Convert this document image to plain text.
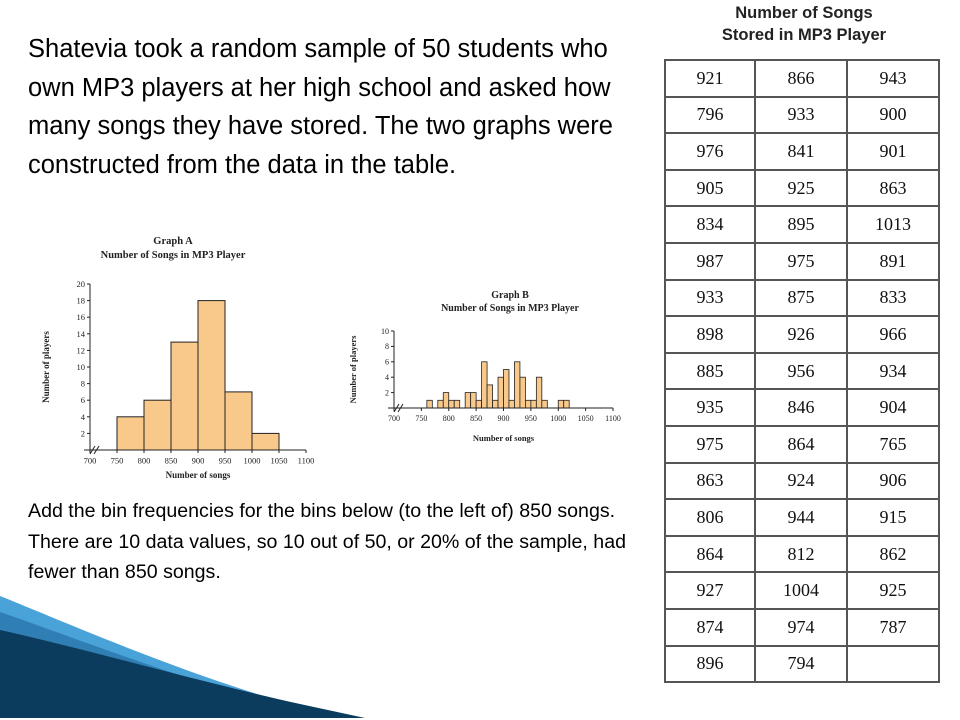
Shatevia took a random sample of 50 students who own MP3 players at her high school and asked how many songs they have stored. The two graphs were constructed from the data in the table.

Graph A
Number of Songs in MP3 Player
2
4
6
8
10
12
14
16
18
20
700 750 800 850 900 950 1000 1050 1100
Number of songs
Number of players
Graph B
Number of Songs in MP3 Player
2
4
6
8
10
700 750 800 850 900 950 1000 1050 1100
Number of songs
Number of players

Add the bin frequencies for the bins below (to the left of) 850 songs. There are 10 data values, so 10 out of 50, or 20% of the sample, had fewer than 850 songs.

Number of Songs
Stored in MP3 Player
921	866	943
796	933	900
976	841	901
905	925	863
834	895	1013
987	975	891
933	875	833
898	926	966
885	956	934
935	846	904
975	864	765
863	924	906
806	944	915
864	812	862
927	1004	925
874	974	787
896	794	
